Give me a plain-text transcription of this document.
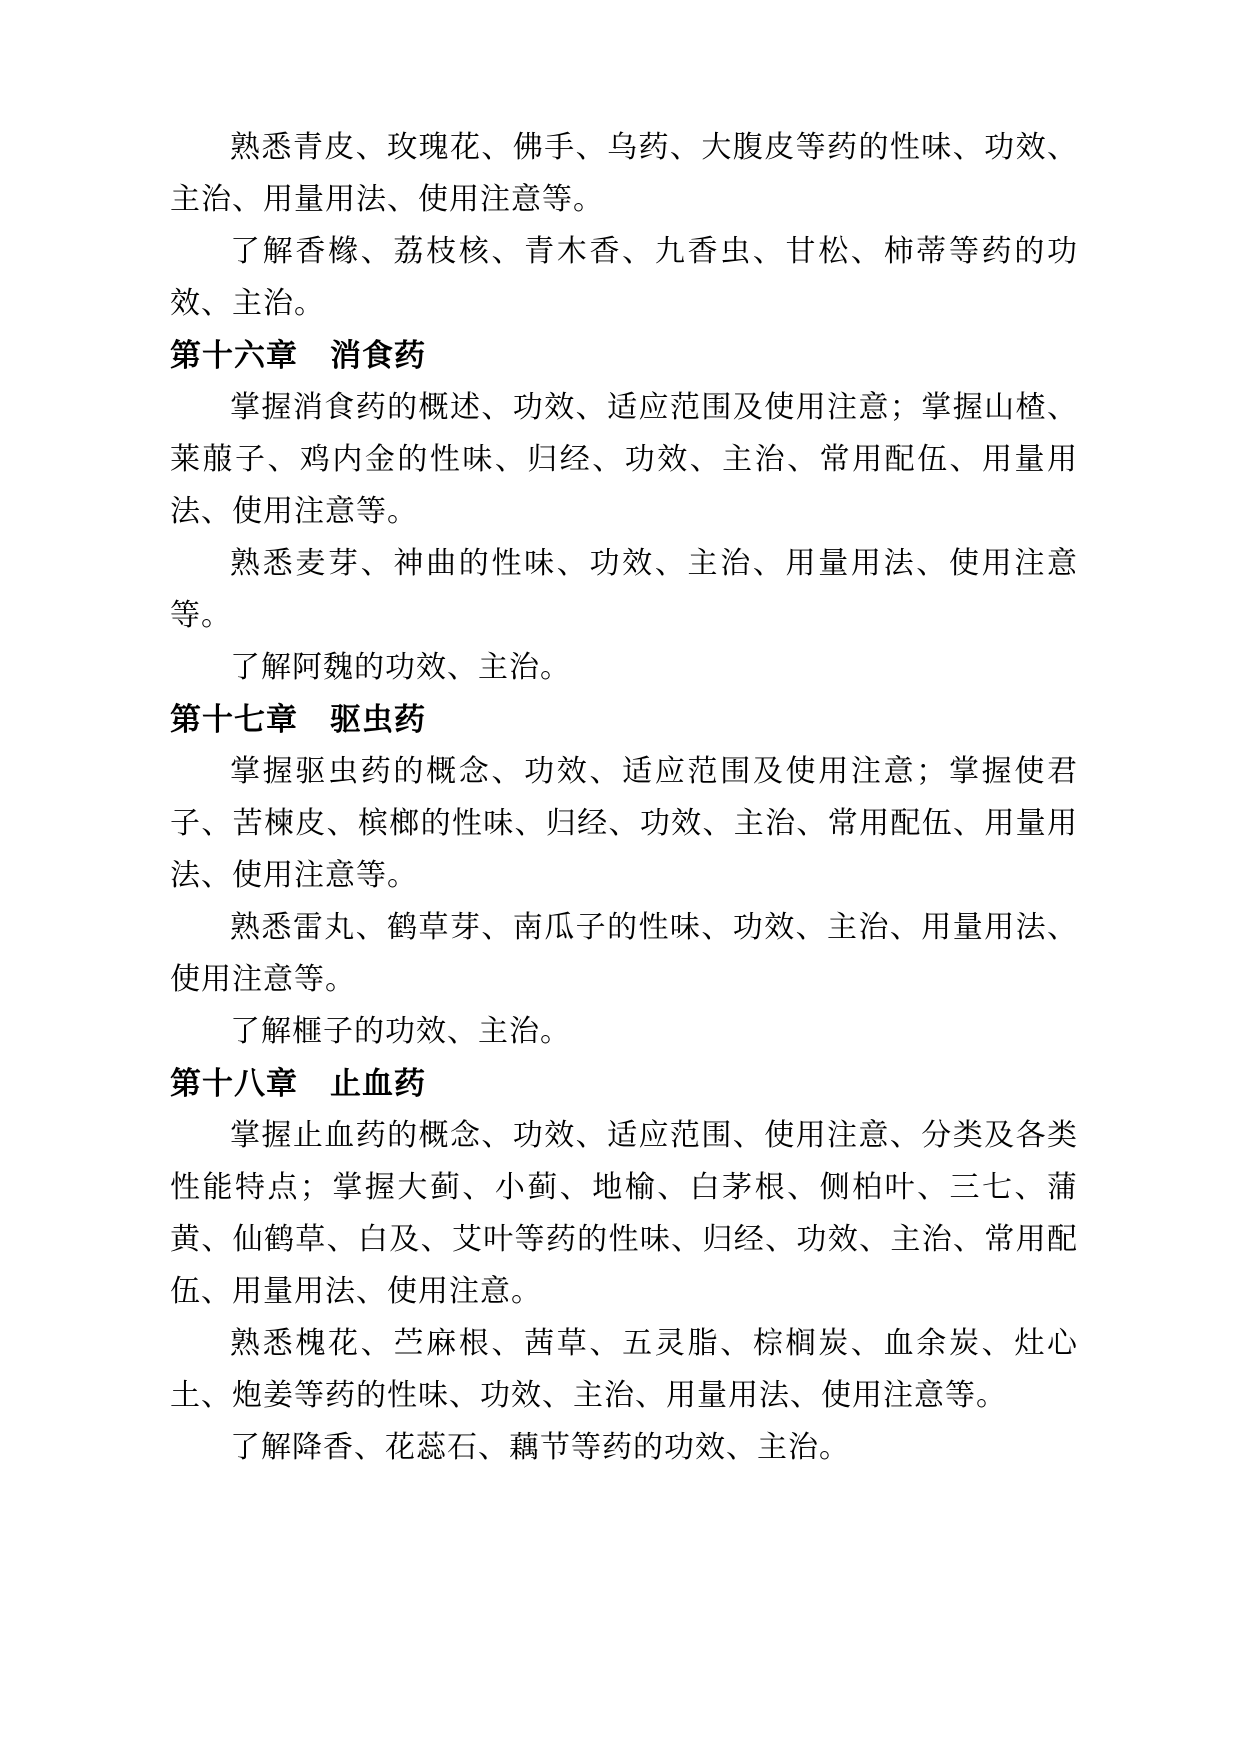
熟悉青皮、玫瑰花、佛手、乌药、大腹皮等药的性味、功效、主治、用量用法、使用注意等。

了解香橼、荔枝核、青木香、九香虫、甘松、柿蒂等药的功效、主治。

第十六章　消食药

掌握消食药的概述、功效、适应范围及使用注意；掌握山楂、莱菔子、鸡内金的性味、归经、功效、主治、常用配伍、用量用法、使用注意等。

熟悉麦芽、神曲的性味、功效、主治、用量用法、使用注意等。

了解阿魏的功效、主治。

第十七章　驱虫药

掌握驱虫药的概念、功效、适应范围及使用注意；掌握使君子、苦楝皮、槟榔的性味、归经、功效、主治、常用配伍、用量用法、使用注意等。

熟悉雷丸、鹤草芽、南瓜子的性味、功效、主治、用量用法、使用注意等。

了解榧子的功效、主治。

第十八章　止血药

掌握止血药的概念、功效、适应范围、使用注意、分类及各类性能特点；掌握大蓟、小蓟、地榆、白茅根、侧柏叶、三七、蒲黄、仙鹤草、白及、艾叶等药的性味、归经、功效、主治、常用配伍、用量用法、使用注意。

熟悉槐花、苎麻根、茜草、五灵脂、棕榈炭、血余炭、灶心土、炮姜等药的性味、功效、主治、用量用法、使用注意等。

了解降香、花蕊石、藕节等药的功效、主治。
